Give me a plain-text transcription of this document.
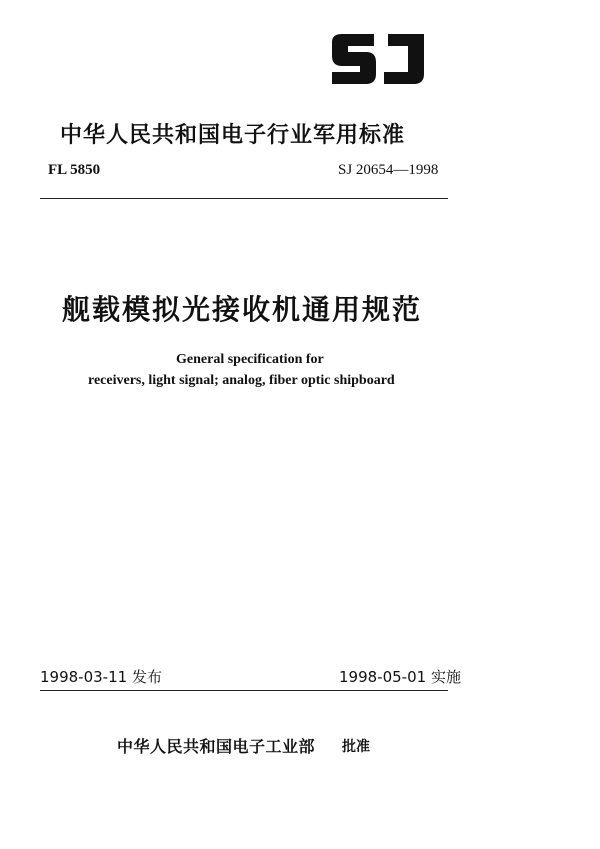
中华人民共和国电子行业军用标准
FL 5850	SJ 20654—1998
舰载模拟光接收机通用规范
General specification for
receivers, light signal; analog, fiber optic shipboard
1998-03-11 发布	1998-05-01 实施
中华人民共和国电子工业部 批准
